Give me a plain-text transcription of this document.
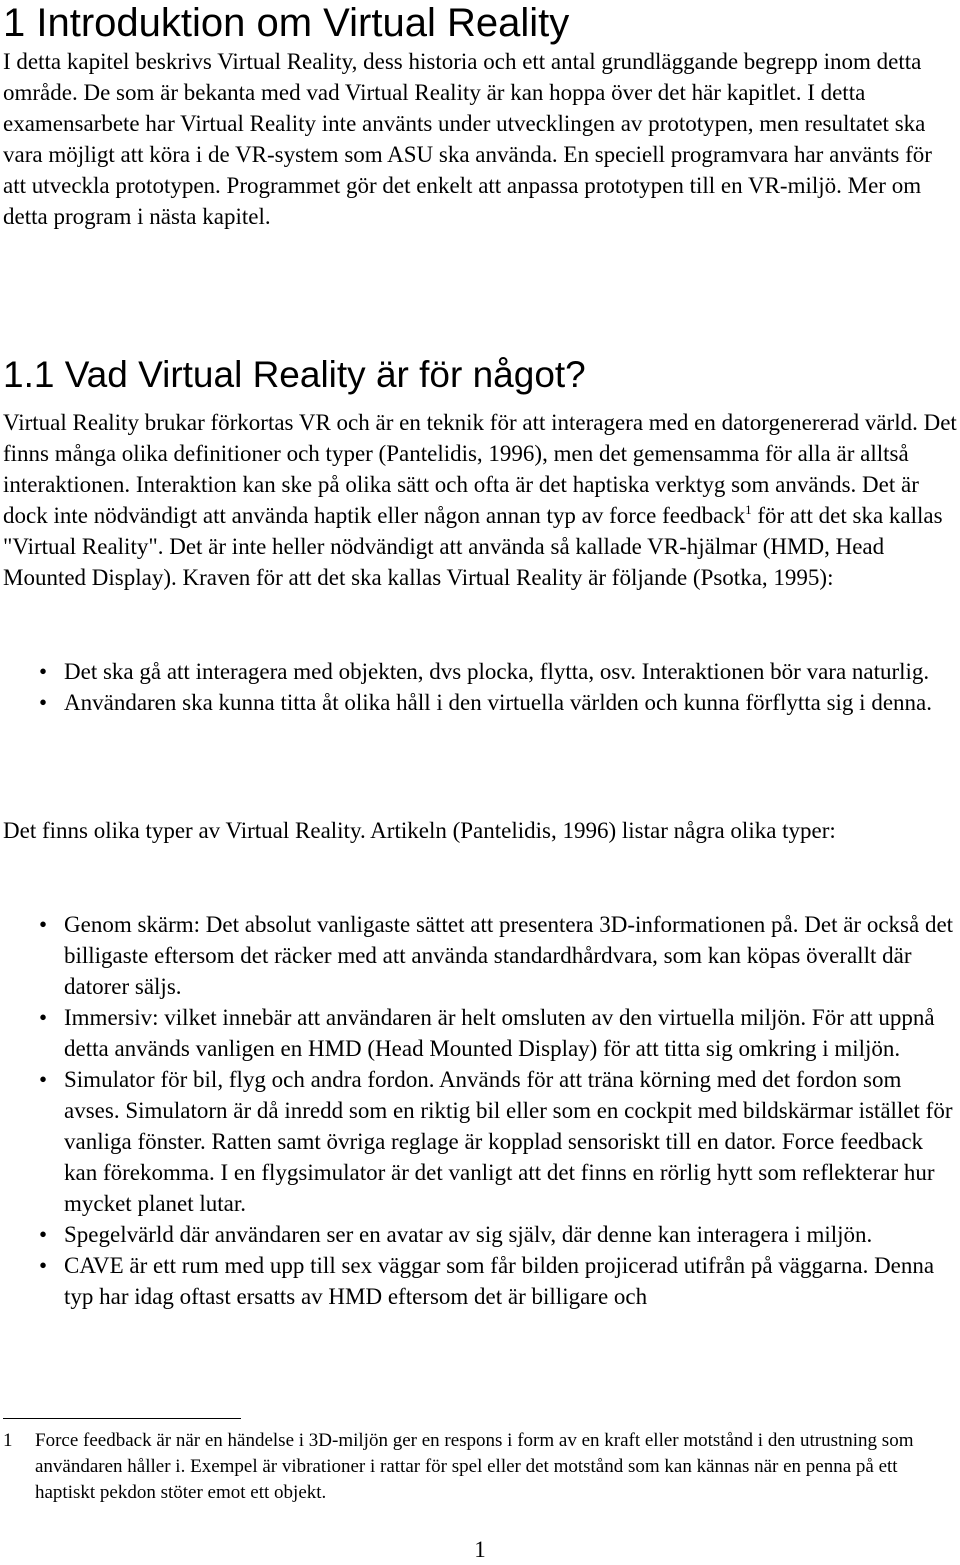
1 Introduktion om Virtual Reality

I detta kapitel beskrivs Virtual Reality, dess historia och ett antal grundläggande begrepp inom detta område. De som är bekanta med vad Virtual Reality är kan hoppa över det här kapitlet. I detta examensarbete har Virtual Reality inte använts under utvecklingen av prototypen, men resultatet ska vara möjligt att köra i de VR-system som ASU ska använda. En speciell programvara har använts för att utveckla prototypen. Programmet gör det enkelt att anpassa prototypen till en VR-miljö. Mer om detta program i nästa kapitel.

1.1 Vad Virtual Reality är för något?

Virtual Reality brukar förkortas VR och är en teknik för att interagera med en datorgenererad värld. Det finns många olika definitioner och typer (Pantelidis, 1996), men det gemensamma för alla är alltså interaktionen. Interaktion kan ske på olika sätt och ofta är det haptiska verktyg som används. Det är dock inte nödvändigt att använda haptik eller någon annan typ av force feedback$^1$ för att det ska kallas "Virtual Reality". Det är inte heller nödvändigt att använda så kallade VR-hjälmar (HMD, Head Mounted Display). Kraven för att det ska kallas Virtual Reality är följande (Psotka, 1995):

• Det ska gå att interagera med objekten, dvs plocka, flytta, osv. Interaktionen bör vara naturlig.
• Användaren ska kunna titta åt olika håll i den virtuella världen och kunna förflytta sig i denna.

Det finns olika typer av Virtual Reality. Artikeln (Pantelidis, 1996) listar några olika typer:

• Genom skärm: Det absolut vanligaste sättet att presentera 3D-informationen på. Det är också det billigaste eftersom det räcker med att använda standardhårdvara, som kan köpas överallt där datorer säljs.
• Immersiv: vilket innebär att användaren är helt omsluten av den virtuella miljön. För att uppnå detta används vanligen en HMD (Head Mounted Display) för att titta sig omkring i miljön.
• Simulator för bil, flyg och andra fordon. Används för att träna körning med det fordon som avses. Simulatorn är då inredd som en riktig bil eller som en cockpit med bildskärmar istället för vanliga fönster. Ratten samt övriga reglage är kopplad sensoriskt till en dator. Force feedback kan förekomma. I en flygsimulator är det vanligt att det finns en rörlig hytt som reflekterar hur mycket planet lutar.
• Spegelvärld där användaren ser en avatar av sig själv, där denne kan interagera i miljön.
• CAVE är ett rum med upp till sex väggar som får bilden projicerad utifrån på väggarna. Denna typ har idag oftast ersatts av HMD eftersom det är billigare och
1	Force feedback är när en händelse i 3D-miljön ger en respons i form av en kraft eller motstånd i den utrustning som användaren håller i. Exempel är vibrationer i rattar för spel eller det motstånd som kan kännas när en penna på ett haptiskt pekdon stöter emot ett objekt.
1
